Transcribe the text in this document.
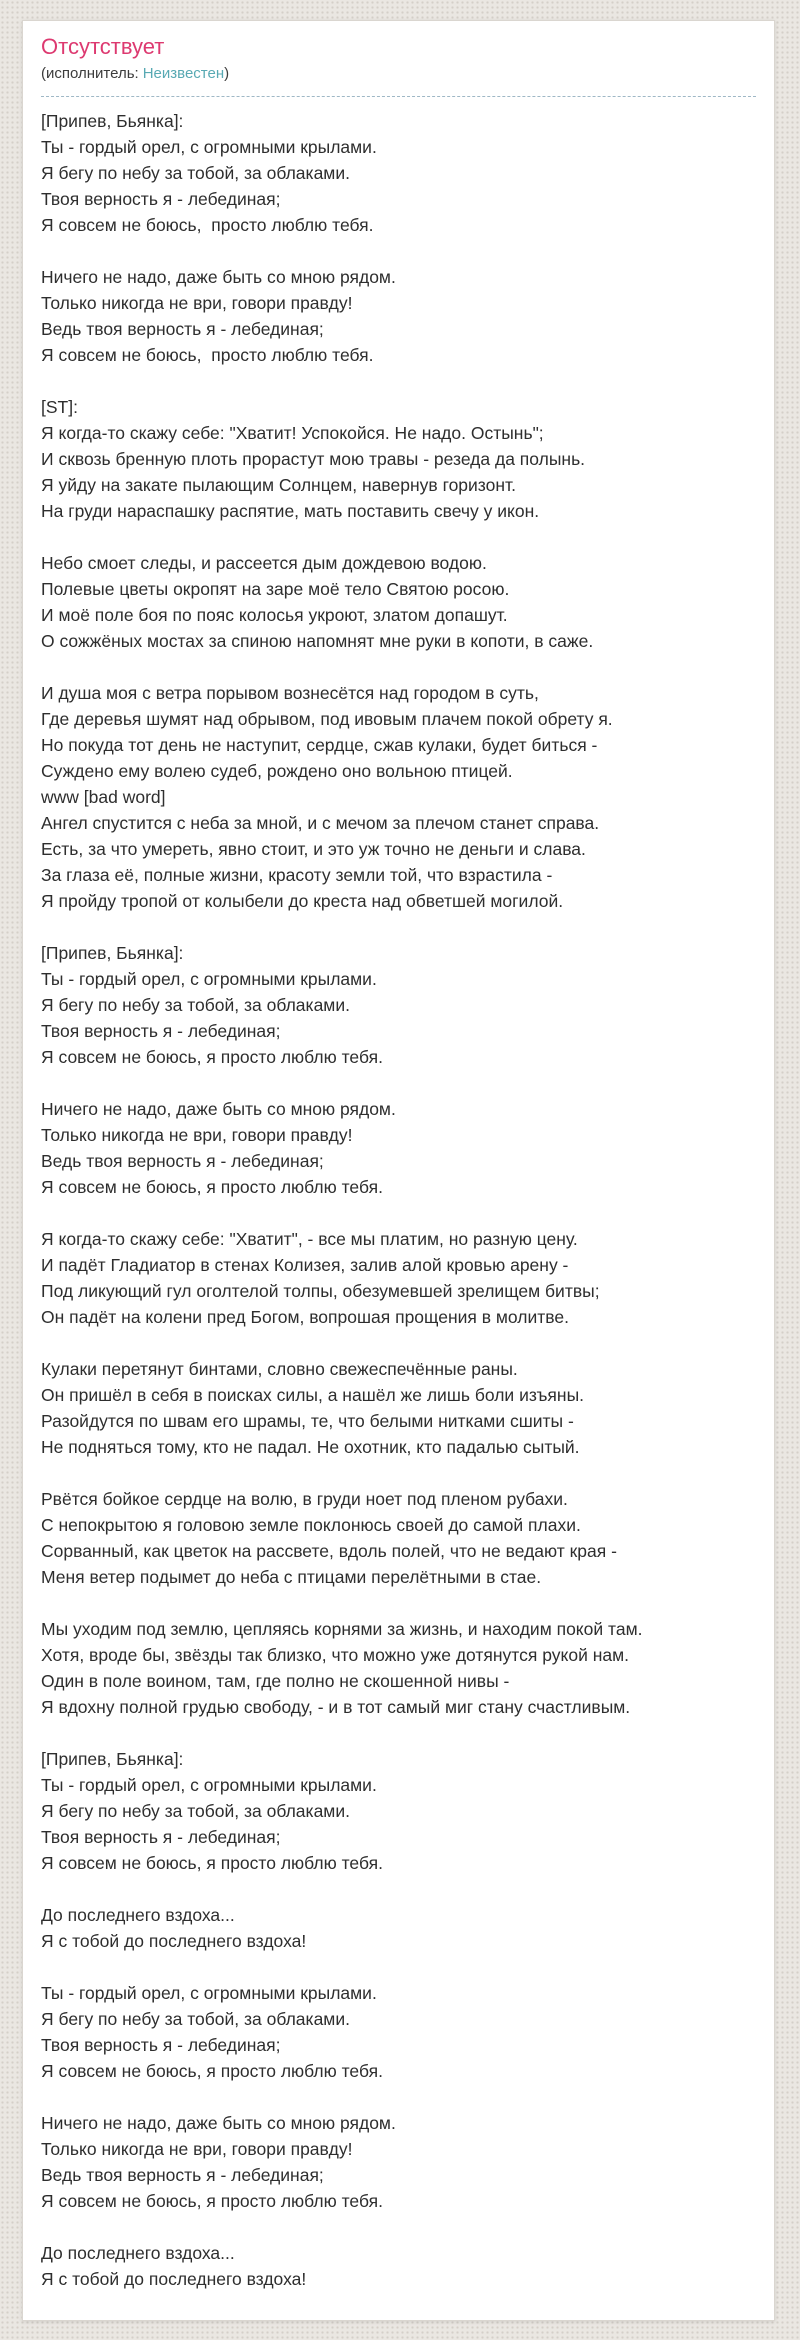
Отсутствует
(исполнитель: Неизвестен)
[Припев, Бьянка]:
Ты - гордый орел, с огромными крылами.
Я бегу по небу за тобой, за облаками.
Твоя верность я - лебединая;
Я совсем не боюсь,  просто люблю тебя.
Ничего не надо, даже быть со мною рядом.
Только никогда не ври, говори правду!
Ведь твоя верность я - лебединая;
Я совсем не боюсь,  просто люблю тебя.
[ST]:
Я когда-то скажу себе: "Хватит! Успокойся. Не надо. Остынь";
И сквозь бренную плоть прорастут мою травы - резеда да полынь.
Я уйду на закате пылающим Солнцем, навернув горизонт.
На груди нараспашку распятие, мать поставить свечу у икон.
Небо смоет следы, и рассеется дым дождевою водою.
Полевые цветы окропят на заре моё тело Святою росою.
И моё поле боя по пояс колосья укроют, златом допашут.
О сожжёных мостах за спиною напомнят мне руки в копоти, в саже.
И душа моя с ветра порывом вознесётся над городом в суть,
Где деревья шумят над обрывом, под ивовым плачем покой обрету я.
Но покуда тот день не наступит, сердце, сжав кулаки, будет биться -
Суждено ему волею судеб, рождено оно вольною птицей.
www [bad word]
Ангел спустится с неба за мной, и с мечом за плечом станет справа.
Есть, за что умереть, явно стоит, и это уж точно не деньги и слава.
За глаза её, полные жизни, красоту земли той, что взрастила -
Я пройду тропой от колыбели до креста над обветшей могилой.
[Припев, Бьянка]:
Ты - гордый орел, с огромными крылами.
Я бегу по небу за тобой, за облаками.
Твоя верность я - лебединая;
Я совсем не боюсь, я просто люблю тебя.
Ничего не надо, даже быть со мною рядом.
Только никогда не ври, говори правду!
Ведь твоя верность я - лебединая;
Я совсем не боюсь, я просто люблю тебя.
Я когда-то скажу себе: "Хватит", - все мы платим, но разную цену.
И падёт Гладиатор в стенах Колизея, залив алой кровью арену -
Под ликующий гул оголтелой толпы, обезумевшей зрелищем битвы;
Он падёт на колени пред Богом, вопрошая прощения в молитве.
Кулаки перетянут бинтами, словно свежеспечённые раны.
Он пришёл в себя в поисках силы, а нашёл же лишь боли изъяны.
Разойдутся по швам его шрамы, те, что белыми нитками сшиты -
Не подняться тому, кто не падал. Не охотник, кто падалью сытый.
Рвётся бойкое сердце на волю, в груди ноет под пленом рубахи.
С непокрытою я головою земле поклонюсь своей до самой плахи.
Сорванный, как цветок на рассвете, вдоль полей, что не ведают края -
Меня ветер подымет до неба с птицами перелётными в стае.
Мы уходим под землю, цепляясь корнями за жизнь, и находим покой там.
Хотя, вроде бы, звёзды так близко, что можно уже дотянутся рукой нам.
Один в поле воином, там, где полно не скошенной нивы -
Я вдохну полной грудью свободу, - и в тот самый миг стану счастливым.
[Припев, Бьянка]:
Ты - гордый орел, с огромными крылами.
Я бегу по небу за тобой, за облаками.
Твоя верность я - лебединая;
Я совсем не боюсь, я просто люблю тебя.
До последнего вздоха...
Я с тобой до последнего вздоха!
Ты - гордый орел, с огромными крылами.
Я бегу по небу за тобой, за облаками.
Твоя верность я - лебединая;
Я совсем не боюсь, я просто люблю тебя.
Ничего не надо, даже быть со мною рядом.
Только никогда не ври, говори правду!
Ведь твоя верность я - лебединая;
Я совсем не боюсь, я просто люблю тебя.
До последнего вздоха...
Я с тобой до последнего вздоха!
